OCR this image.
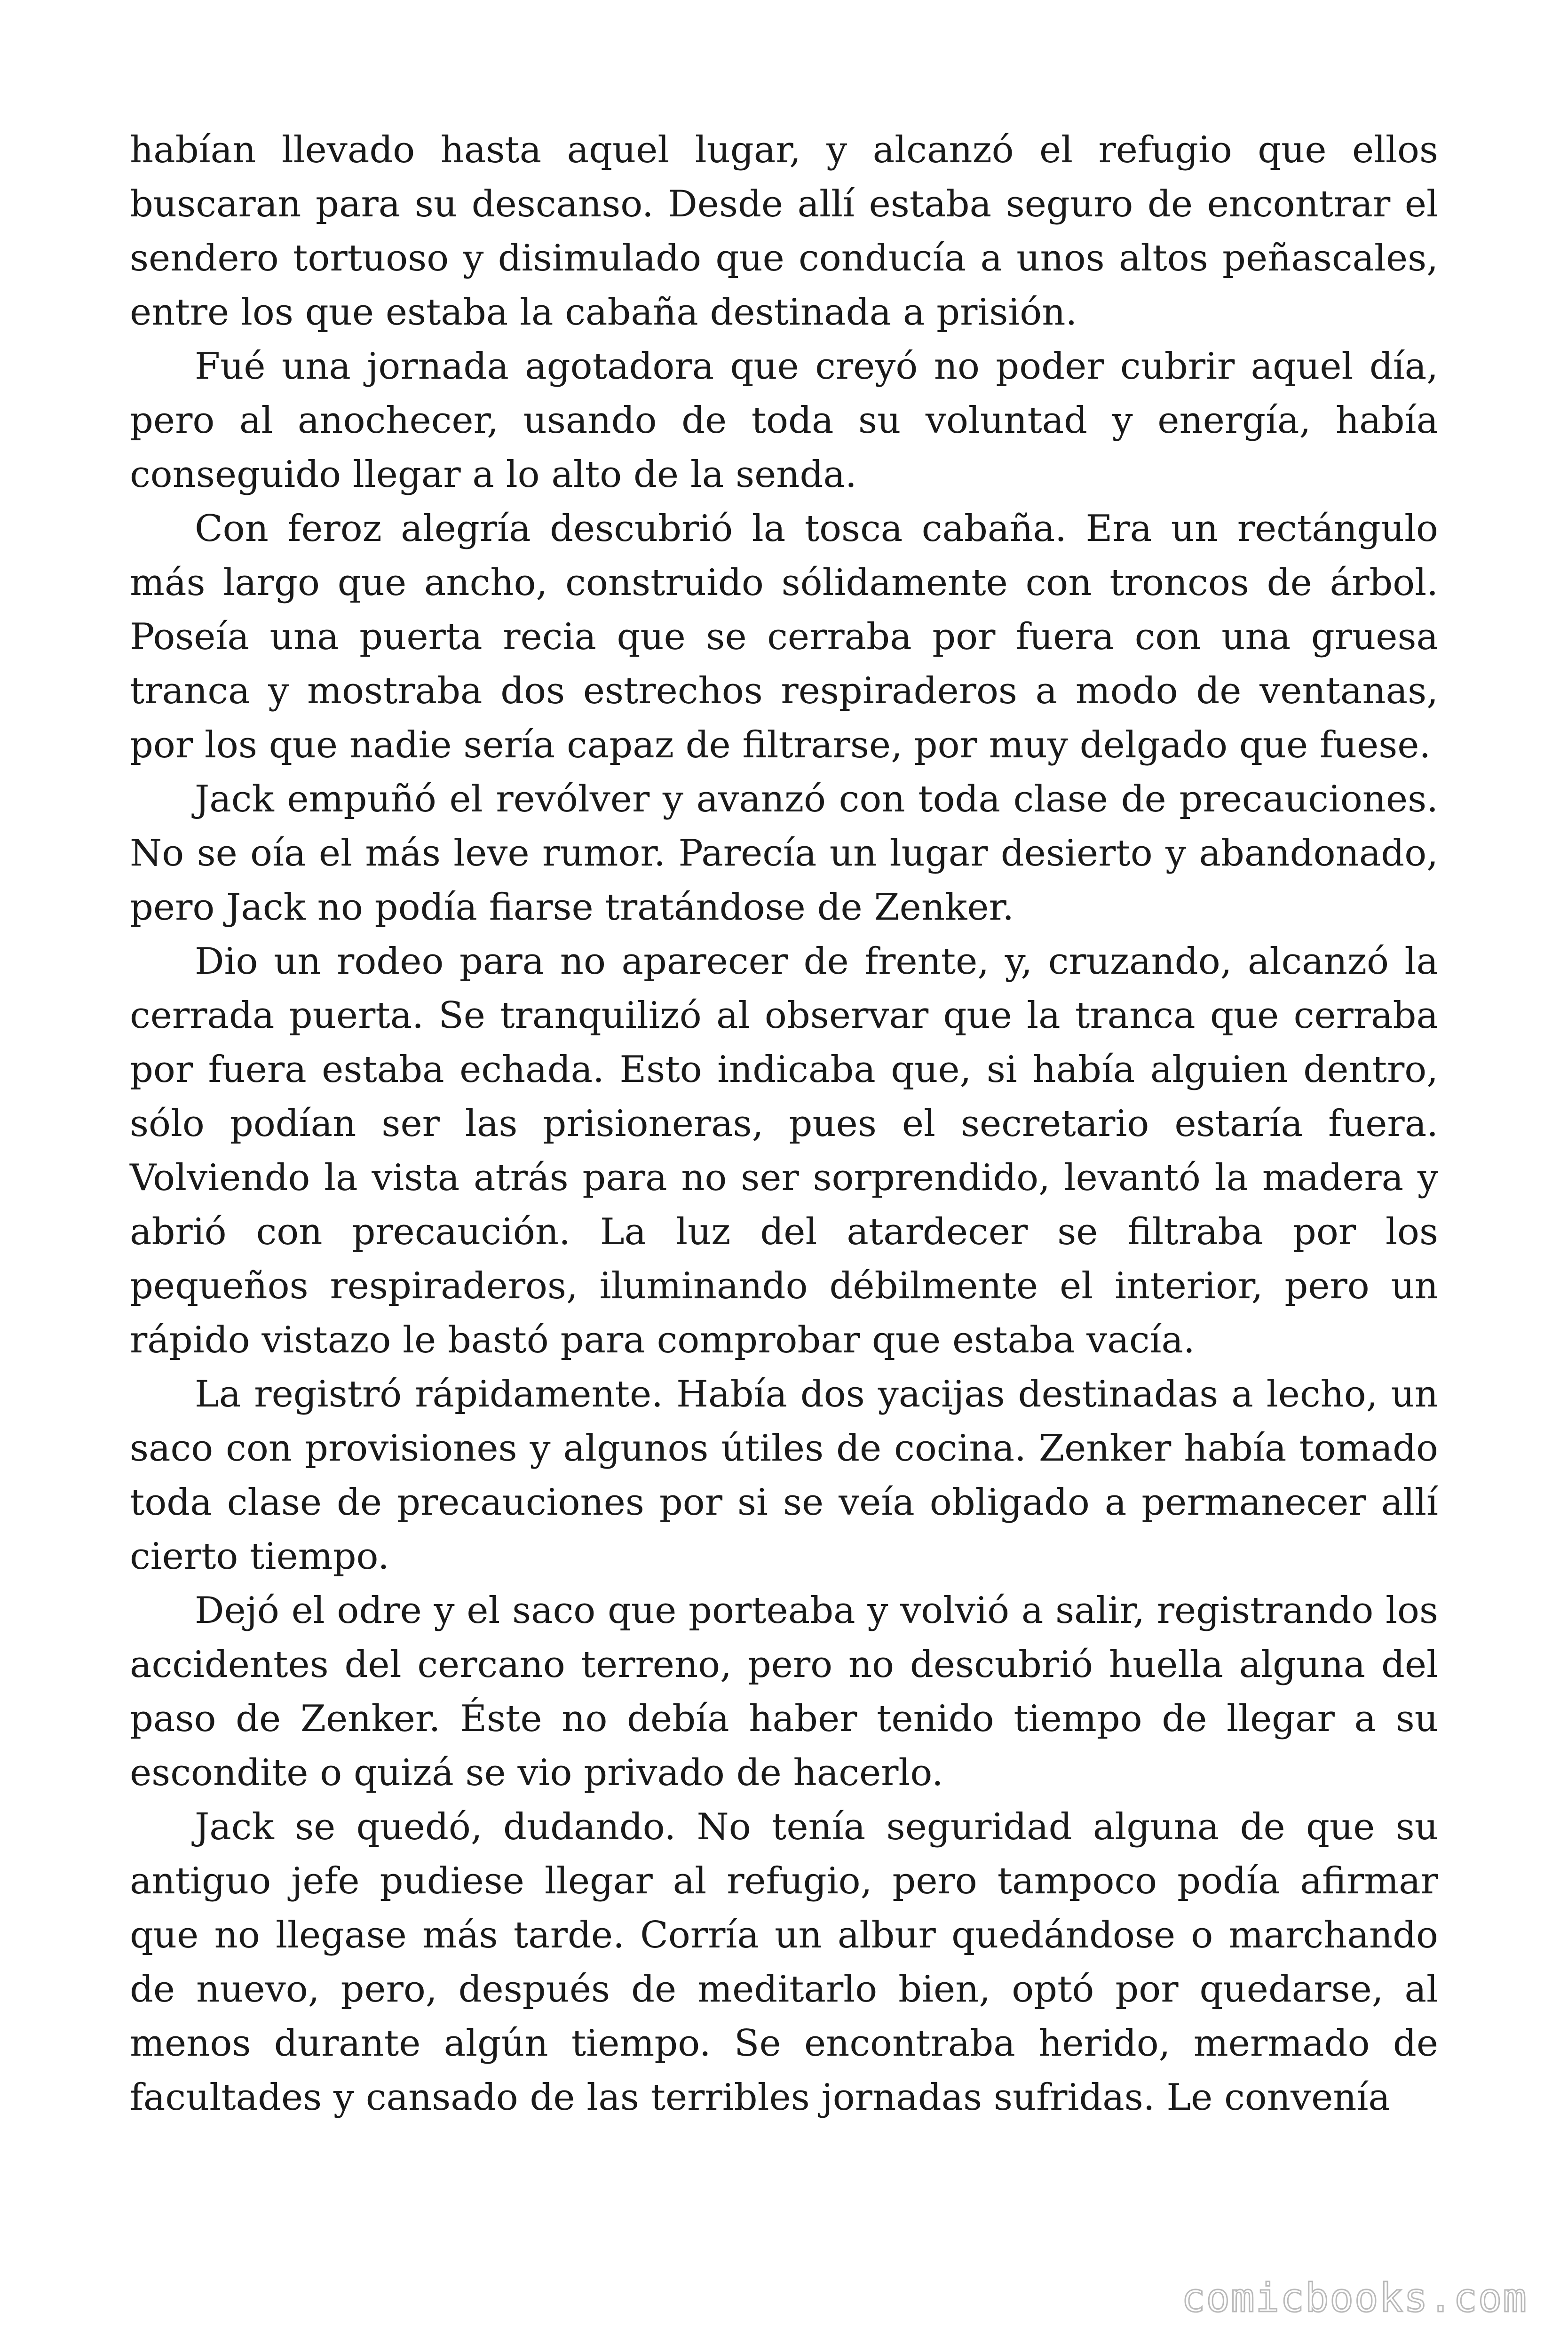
habían llevado hasta aquel lugar, y alcanzó el refugio que ellos buscaran para su descanso. Desde allí estaba seguro de encontrar el sendero tortuoso y disimulado que conducía a unos altos peñascales, entre los que estaba la cabaña destinada a prisión.

Fué una jornada agotadora que creyó no poder cubrir aquel día, pero al anochecer, usando de toda su voluntad y energía, había conseguido llegar a lo alto de la senda.

Con feroz alegría descubrió la tosca cabaña. Era un rectángulo más largo que ancho, construido sólidamente con troncos de árbol. Poseía una puerta recia que se cerraba por fuera con una gruesa tranca y mostraba dos estrechos respiraderos a modo de ventanas, por los que nadie sería capaz de filtrarse, por muy delgado que fuese.

Jack empuñó el revólver y avanzó con toda clase de precauciones. No se oía el más leve rumor. Parecía un lugar desierto y abandonado, pero Jack no podía fiarse tratándose de Zenker.

Dio un rodeo para no aparecer de frente, y, cruzando, alcanzó la cerrada puerta. Se tranquilizó al observar que la tranca que cerraba por fuera estaba echada. Esto indicaba que, si había alguien dentro, sólo podían ser las prisioneras, pues el secretario estaría fuera. Volviendo la vista atrás para no ser sorprendido, levantó la madera y abrió con precaución. La luz del atardecer se filtraba por los pequeños respiraderos, iluminando débilmente el interior, pero un rápido vistazo le bastó para comprobar que estaba vacía.

La registró rápidamente. Había dos yacijas destinadas a lecho, un saco con provisiones y algunos útiles de cocina. Zenker había tomado toda clase de precauciones por si se veía obligado a permanecer allí cierto tiempo.

Dejó el odre y el saco que porteaba y volvió a salir, registrando los accidentes del cercano terreno, pero no descubrió huella alguna del paso de Zenker. Éste no debía haber tenido tiempo de llegar a su escondite o quizá se vio privado de hacerlo.

Jack se quedó, dudando. No tenía seguridad alguna de que su antiguo jefe pudiese llegar al refugio, pero tampoco podía afirmar que no llegase más tarde. Corría un albur quedándose o marchando de nuevo, pero, después de meditarlo bien, optó por quedarse, al menos durante algún tiempo. Se encontraba herido, mermado de facultades y cansado de las terribles jornadas sufridas. Le convenía

comicbooks.com
